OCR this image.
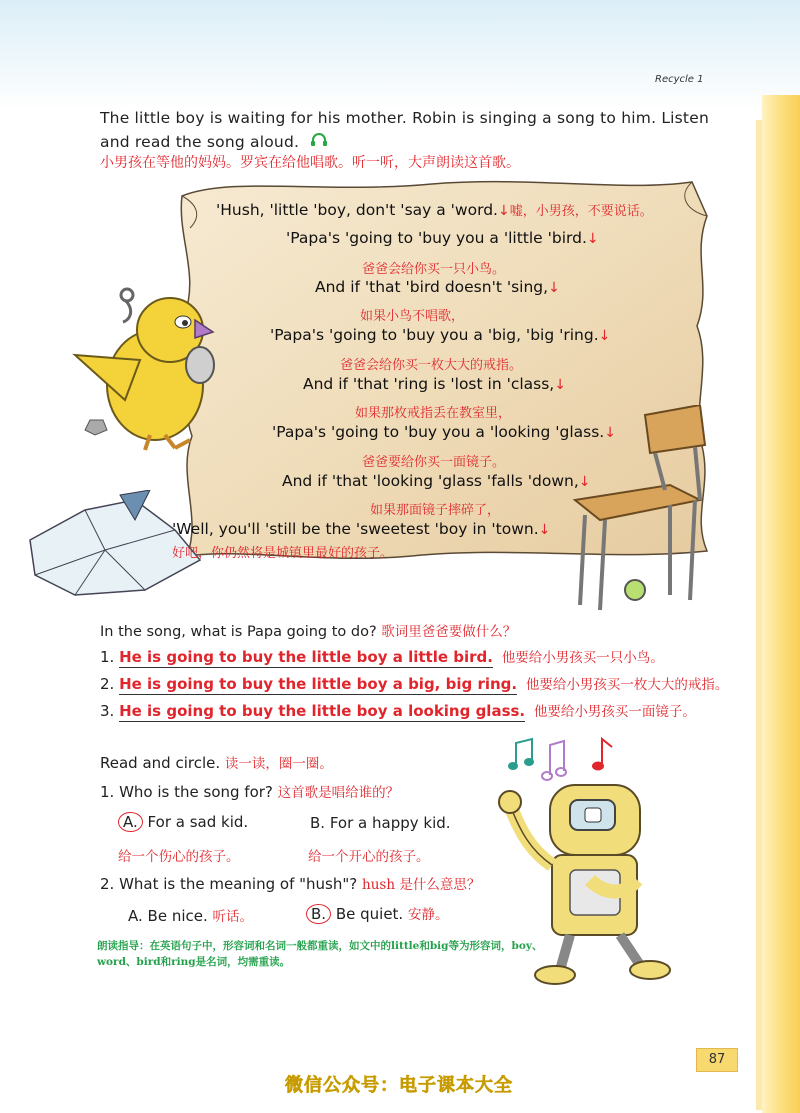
Recycle 1
The little boy is waiting for his mother. Robin is singing a song to him. Listen and read the song aloud.
小男孩在等他的妈妈。罗宾在给他唱歌。听一听，大声朗读这首歌。
'Hush, 'little 'boy, don't 'say a 'word.↓嘘，小男孩，不要说话。
'Papa's 'going to 'buy you a 'little 'bird.↓
爸爸会给你买一只小鸟。
And if 'that 'bird doesn't 'sing,↓
如果小鸟不唱歌，
'Papa's 'going to 'buy you a 'big, 'big 'ring.↓
爸爸会给你买一枚大大的戒指。
And if 'that 'ring is 'lost in 'class,↓
如果那枚戒指丢在教室里，
'Papa's 'going to 'buy you a 'looking 'glass.↓
爸爸要给你买一面镜子。
And if 'that 'looking 'glass 'falls 'down,↓
如果那面镜子摔碎了，
'Well, you'll 'still be the 'sweetest 'boy in 'town.↓
好吧，你仍然将是城镇里最好的孩子。
In the song, what is Papa going to do? 歌词里爸爸要做什么？
1. He is going to buy the little boy a little bird. 他要给小男孩买一只小鸟。
2. He is going to buy the little boy a big, big ring. 他要给小男孩买一枚大大的戒指。
3. He is going to buy the little boy a looking glass. 他要给小男孩买一面镜子。
Read and circle. 读一读，圈一圈。
1. Who is the song for? 这首歌是唱给谁的？
A. For a sad kid.	B. For a happy kid.
给一个伤心的孩子。	给一个开心的孩子。
2. What is the meaning of "hush"? hush 是什么意思？
A. Be nice. 听话。	B. Be quiet. 安静。
朗读指导：在英语句子中，形容词和名词一般都重读，如文中的little和big等为形容词，boy、word、bird和ring是名词，均需重读。
87
微信公众号：电子课本大全
